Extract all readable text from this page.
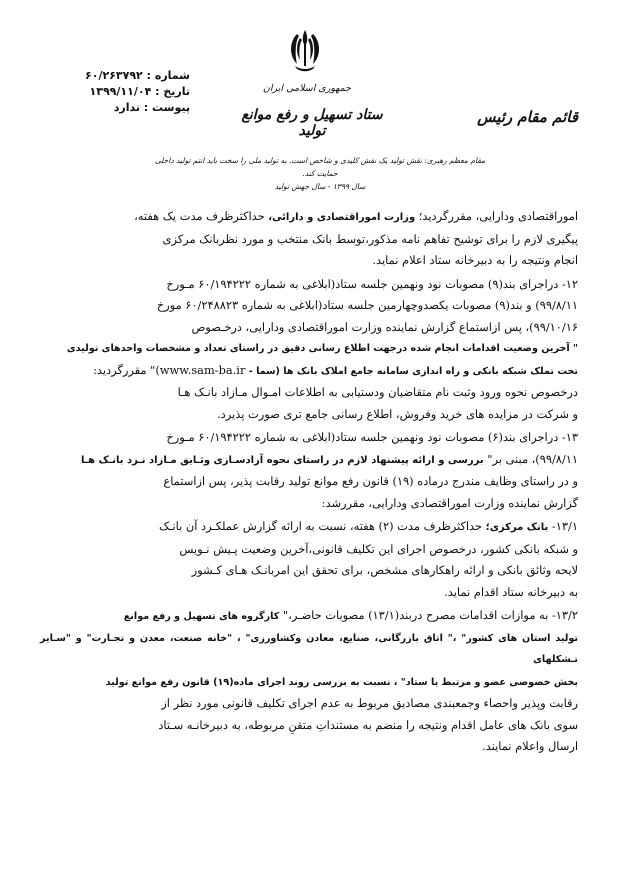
شماره : ۶۰/۲۶۳۷۹۲
تاریخ : ۱۳۹۹/۱۱/۰۴
پیوست : ندارد
جمهوری اسلامی ایران
ستاد تسهیل و رفع موانع تولید
قائم مقام رئیس
مقام معظم رهبری: نقش تولید یک نقش کلیدی و شاخص است. به تولید ملی را سخت باید انتم تولید داخلی حمایت کند.
سال ۱۳۹۹ - سال جهش تولید

امورا‌قتصادی ودارایی، مقررگردید؛ وزارت اموراقتصادی و دارائی، حداکثرظرف مدت یک هفته،

پیگیری لازم را برای توشیح تفاهم نامه مذکور،توسط بانک منتخب و مورد نظربانک مرکزی

انجام ونتیجه را به دبیرخانه ستاد اعلام نماید.

۱۲- دراجرای بند(۹) مصوبات نود ونهمین جلسه ستاد(ابلاغی به شماره ۶۰/۱۹۴۲۲۲ مـورخ

۹۹/۸/۱۱) و بند(۹) مصوبات یکصدوچهارمین جلسه ستاد(ابلاغی به شماره ۶۰/۲۴۸۸۲۳ مورخ

۹۹/۱۰/۱۶)، پس ازاستماع گزارش نماینده وزارت اموراقتصادی ودارایی، درخـصوص

" آخرین وضعیت اقدامات انجام شده درجهت اطلاع رسانی دقیق در راستای تعداد و مشخصات واحدهای تولیدی

تحت تملک شبکه بانکی و راه اندازی سامانه جامع املاک بانک ها (سما - www.sam-ba.ir)" مقررگردید:

درخصوص نحوه ورود وثبت نام متقاضیان ودستیابی به اطلاعات امـوال مـازاد بانـک هـا

و شرکت در مزایده های خرید وفروش، اطلاع رسانی جامع تری صورت پذیرد.

۱۳- دراجرای بند(۶) مصوبات نود ونهمین جلسه ستاد(ابلاغی به شماره ۶۰/۱۹۴۲۲۲ مـورخ

۹۹/۸/۱۱)، مبنی بر" بررسی و ارائه پیشنهاد لازم در راستای نحوه آزادسـازی وثـایق مـازاد نـزد بانـک هـا

و در راستای وظایف مندرج درماده (۱۹) قانون رفع موانع تولید رقابت پذیر، پس ازاستماع

گزارش نماینده وزارت اموراقتصادی ودارایی، مقررشد:

۱۳/۱- بانک مرکزی؛ حداکثرظرف مدت (۲) هفته، نسبت به ارائه گزارش عملکـرد آن بانـک

و شبکه بانکی کشور، درخصوص اجرای این تکلیف قانونی،آخرین وضعیت پـیش نـویس

لایحه وثائق بانکی و ارائه راهکارهای مشخص، برای تحقق این امربانـک هـای کـشور

به دبیرخانه ستاد اقدام نماید.

۱۳/۲- به موازات اقدامات مصرح دربند(۱۳/۱) مصوبات حاضـر،" کارگروه های تسهیل و رفع موانع

تولید استان های کشور" ،" اتاق بازرگانی، صنایع، معادن وکشاورزی" ، "خانه صنعت، معدن و تجـارت" و "سـایر تـشکلهای

بخش خصوصی عضو و مرتبط با ستاد" ، نسبت به بررسی روند اجرای ماده(۱۹) قانون رفع موانع تولید

رقابت وپذیر واحصاء وجمعبندی مصادیق مربوط به عدم اجرای تکلیف قانونی مورد نظر از

سوی بانک های عامل اقدام ونتیجه را منضم به مستنداتِ متقنِ مربوطه، به دبیرخانـه سـتاد

ارسال واعلام نمایند.
